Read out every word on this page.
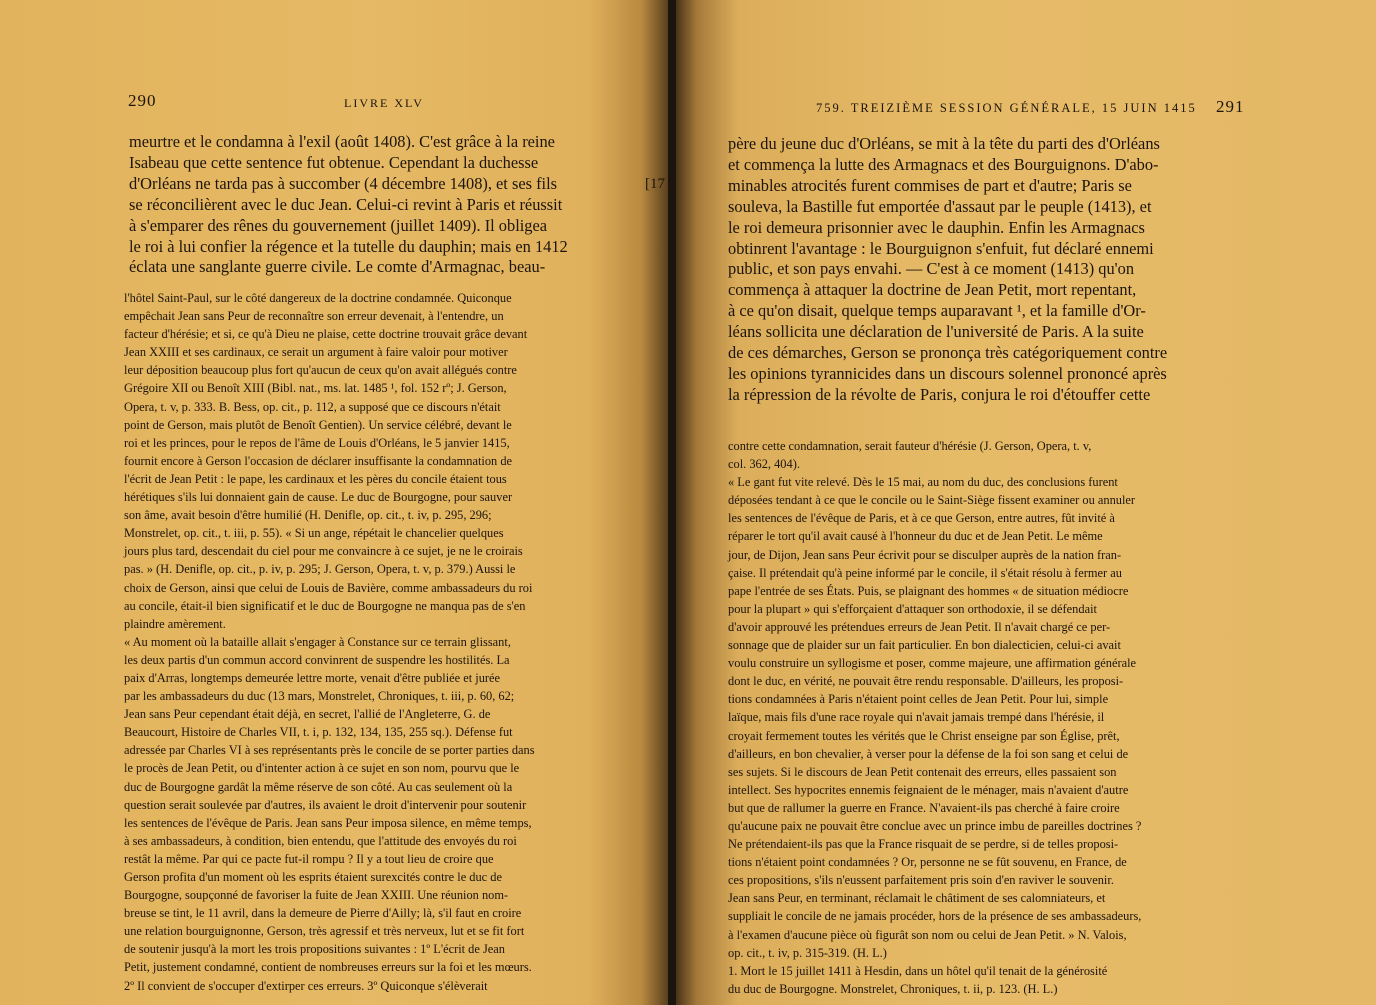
290	LIVRE XLV
[17
meurtre et le condamna à l'exil (août 1408). C'est grâce à la reine
Isabeau que cette sentence fut obtenue. Cependant la duchesse
d'Orléans ne tarda pas à succomber (4 décembre 1408), et ses fils
se réconcilièrent avec le duc Jean. Celui-ci revint à Paris et réussit
à s'emparer des rênes du gouvernement (juillet 1409). Il obligea
le roi à lui confier la régence et la tutelle du dauphin; mais en 1412
éclata une sanglante guerre civile. Le comte d'Armagnac, beau-
l'hôtel Saint-Paul, sur le côté dangereux de la doctrine condamnée. Quiconque
empêchait Jean sans Peur de reconnaître son erreur devenait, à l'entendre, un
facteur d'hérésie; et si, ce qu'à Dieu ne plaise, cette doctrine trouvait grâce devant
Jean XXIII et ses cardinaux, ce serait un argument à faire valoir pour motiver
leur déposition beaucoup plus fort qu'aucun de ceux qu'on avait allégués contre
Grégoire XII ou Benoît XIII (Bibl. nat., ms. lat. 1485 ¹, fol. 152 rº; J. Gerson,
Opera, t. v, p. 333. B. Bess, op. cit., p. 112, a supposé que ce discours n'était
point de Gerson, mais plutôt de Benoît Gentien). Un service célébré, devant le
roi et les princes, pour le repos de l'âme de Louis d'Orléans, le 5 janvier 1415,
fournit encore à Gerson l'occasion de déclarer insuffisante la condamnation de
l'écrit de Jean Petit : le pape, les cardinaux et les pères du concile étaient tous
hérétiques s'ils lui donnaient gain de cause. Le duc de Bourgogne, pour sauver
son âme, avait besoin d'être humilié (H. Denifle, op. cit., t. iv, p. 295, 296;
Monstrelet, op. cit., t. iii, p. 55). « Si un ange, répétait le chancelier quelques
jours plus tard, descendait du ciel pour me convaincre à ce sujet, je ne le croirais
pas. » (H. Denifle, op. cit., p. iv, p. 295; J. Gerson, Opera, t. v, p. 379.) Aussi le
choix de Gerson, ainsi que celui de Louis de Bavière, comme ambassadeurs du roi
au concile, était-il bien significatif et le duc de Bourgogne ne manqua pas de s'en
plaindre amèrement.
« Au moment où la bataille allait s'engager à Constance sur ce terrain glissant,
les deux partis d'un commun accord convinrent de suspendre les hostilités. La
paix d'Arras, longtemps demeurée lettre morte, venait d'être publiée et jurée
par les ambassadeurs du duc (13 mars, Monstrelet, Chroniques, t. iii, p. 60, 62;
Jean sans Peur cependant était déjà, en secret, l'allié de l'Angleterre, G. de
Beaucourt, Histoire de Charles VII, t. i, p. 132, 134, 135, 255 sq.). Défense fut
adressée par Charles VI à ses représentants près le concile de se porter parties dans
le procès de Jean Petit, ou d'intenter action à ce sujet en son nom, pourvu que le
duc de Bourgogne gardât la même réserve de son côté. Au cas seulement où la
question serait soulevée par d'autres, ils avaient le droit d'intervenir pour soutenir
les sentences de l'évêque de Paris. Jean sans Peur imposa silence, en même temps,
à ses ambassadeurs, à condition, bien entendu, que l'attitude des envoyés du roi
restât la même. Par qui ce pacte fut-il rompu ? Il y a tout lieu de croire que
Gerson profita d'un moment où les esprits étaient surexcités contre le duc de
Bourgogne, soupçonné de favoriser la fuite de Jean XXIII. Une réunion nom-
breuse se tint, le 11 avril, dans la demeure de Pierre d'Ailly; là, s'il faut en croire
une relation bourguignonne, Gerson, très agressif et très nerveux, lut et se fit fort
de soutenir jusqu'à la mort les trois propositions suivantes : 1º L'écrit de Jean
Petit, justement condamné, contient de nombreuses erreurs sur la foi et les mœurs.
2º Il convient de s'occuper d'extirper ces erreurs. 3º Quiconque s'élèverait
759. TREIZIÈME SESSION GÉNÉRALE, 15 JUIN 1415 291
père du jeune duc d'Orléans, se mit à la tête du parti des d'Orléans
et commença la lutte des Armagnacs et des Bourguignons. D'abo-
minables atrocités furent commises de part et d'autre; Paris se
souleva, la Bastille fut emportée d'assaut par le peuple (1413), et
le roi demeura prisonnier avec le dauphin. Enfin les Armagnacs
obtinrent l'avantage : le Bourguignon s'enfuit, fut déclaré ennemi
public, et son pays envahi. — C'est à ce moment (1413) qu'on
commença à attaquer la doctrine de Jean Petit, mort repentant,
à ce qu'on disait, quelque temps auparavant ¹, et la famille d'Or-
léans sollicita une déclaration de l'université de Paris. A la suite
de ces démarches, Gerson se prononça très catégoriquement contre
les opinions tyrannicides dans un discours solennel prononcé après
la répression de la révolte de Paris, conjura le roi d'étouffer cette
contre cette condamnation, serait fauteur d'hérésie (J. Gerson, Opera, t. v,
col. 362, 404).
« Le gant fut vite relevé. Dès le 15 mai, au nom du duc, des conclusions furent
déposées tendant à ce que le concile ou le Saint-Siège fissent examiner ou annuler
les sentences de l'évêque de Paris, et à ce que Gerson, entre autres, fût invité à
réparer le tort qu'il avait causé à l'honneur du duc et de Jean Petit. Le même
jour, de Dijon, Jean sans Peur écrivit pour se disculper auprès de la nation fran-
çaise. Il prétendait qu'à peine informé par le concile, il s'était résolu à fermer au
pape l'entrée de ses États. Puis, se plaignant des hommes « de situation médiocre
pour la plupart » qui s'efforçaient d'attaquer son orthodoxie, il se défendait
d'avoir approuvé les prétendues erreurs de Jean Petit. Il n'avait chargé ce per-
sonnage que de plaider sur un fait particulier. En bon dialecticien, celui-ci avait
voulu construire un syllogisme et poser, comme majeure, une affirmation générale
dont le duc, en vérité, ne pouvait être rendu responsable. D'ailleurs, les proposi-
tions condamnées à Paris n'étaient point celles de Jean Petit. Pour lui, simple
laïque, mais fils d'une race royale qui n'avait jamais trempé dans l'hérésie, il
croyait fermement toutes les vérités que le Christ enseigne par son Église, prêt,
d'ailleurs, en bon chevalier, à verser pour la défense de la foi son sang et celui de
ses sujets. Si le discours de Jean Petit contenait des erreurs, elles passaient son
intellect. Ses hypocrites ennemis feignaient de le ménager, mais n'avaient d'autre
but que de rallumer la guerre en France. N'avaient-ils pas cherché à faire croire
qu'aucune paix ne pouvait être conclue avec un prince imbu de pareilles doctrines ?
Ne prétendaient-ils pas que la France risquait de se perdre, si de telles proposi-
tions n'étaient point condamnées ? Or, personne ne se fût souvenu, en France, de
ces propositions, s'ils n'eussent parfaitement pris soin d'en raviver le souvenir.
Jean sans Peur, en terminant, réclamait le châtiment de ses calomniateurs, et
suppliait le concile de ne jamais procéder, hors de la présence de ses ambassadeurs,
à l'examen d'aucune pièce où figurât son nom ou celui de Jean Petit. » N. Valois,
op. cit., t. iv, p. 315-319. (H. L.)
1. Mort le 15 juillet 1411 à Hesdin, dans un hôtel qu'il tenait de la générosité
du duc de Bourgogne. Monstrelet, Chroniques, t. ii, p. 123. (H. L.)
